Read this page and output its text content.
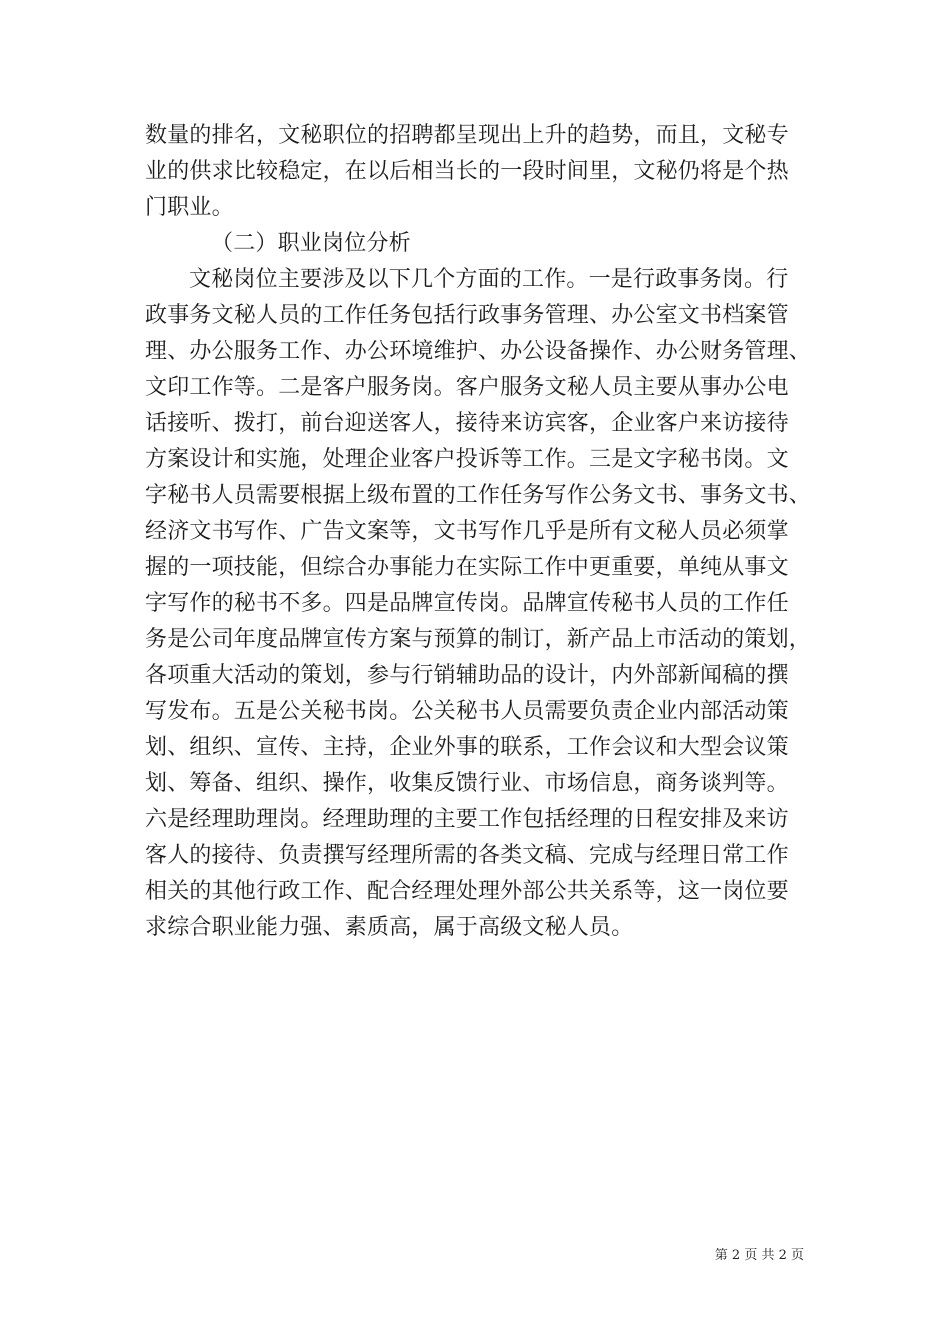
数量的排名，文秘职位的招聘都呈现出上升的趋势，而且，文秘专

业的供求比较稳定，在以后相当长的一段时间里，文秘仍将是个热

门职业。

（二）职业岗位分析

文秘岗位主要涉及以下几个方面的工作。一是行政事务岗。行

政事务文秘人员的工作任务包括行政事务管理、办公室文书档案管

理、办公服务工作、办公环境维护、办公设备操作、办公财务管理、

文印工作等。二是客户服务岗。客户服务文秘人员主要从事办公电

话接听、拨打，前台迎送客人，接待来访宾客，企业客户来访接待

方案设计和实施，处理企业客户投诉等工作。三是文字秘书岗。文

字秘书人员需要根据上级布置的工作任务写作公务文书、事务文书、

经济文书写作、广告文案等，文书写作几乎是所有文秘人员必须掌

握的一项技能，但综合办事能力在实际工作中更重要，单纯从事文

字写作的秘书不多。四是品牌宣传岗。品牌宣传秘书人员的工作任

务是公司年度品牌宣传方案与预算的制订，新产品上市活动的策划，

各项重大活动的策划，参与行销辅助品的设计，内外部新闻稿的撰

写发布。五是公关秘书岗。公关秘书人员需要负责企业内部活动策

划、组织、宣传、主持，企业外事的联系，工作会议和大型会议策

划、筹备、组织、操作，收集反馈行业、市场信息，商务谈判等。

六是经理助理岗。经理助理的主要工作包括经理的日程安排及来访

客人的接待、负责撰写经理所需的各类文稿、完成与经理日常工作

相关的其他行政工作、配合经理处理外部公共关系等，这一岗位要

求综合职业能力强、素质高，属于高级文秘人员。

第 2 页 共 2 页
